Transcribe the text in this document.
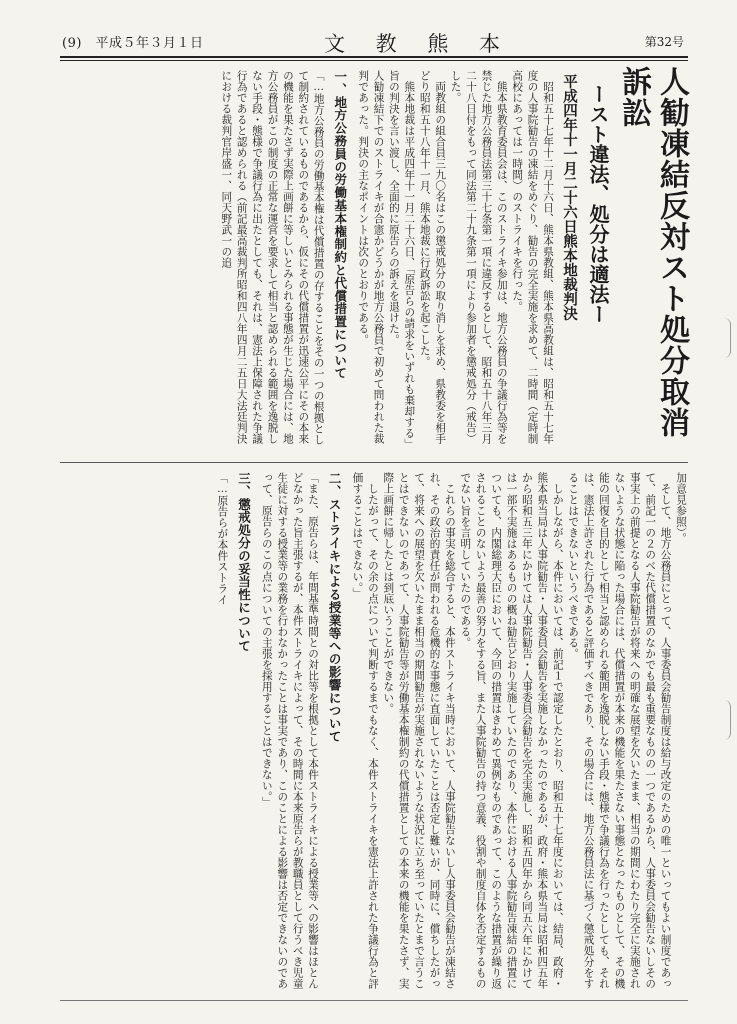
(9)　 平成５年３月１日	文 教 熊 本	第32号
人勧凍結反対スト処分取消訴訟
ースト違法、処分は適法ー
平成四年十一月二十六日熊本地裁判決

昭和五十七年十二月十六日、熊本県教組、熊本県高教組は、昭和五十七年度の人事院勧告の凍結をめぐり、勧告の完全実施を求めて、二時間（定時制高校にあっては一時間）のストライキを行った。

熊本県教育委員会は、このストライキ参加は、地方公務員の争議行為等を禁じた地方公務員法第三十七条第一項に違反するとして、昭和五十八年三月二十八日付をもって同法第二十九条第一項により参加者を懲戒処分（戒告）した。

両教組の組合員三九〇名はこの懲戒処分の取り消しを求め、県教委を相手どり昭和五十八年十一月、熊本地裁に行政訴訟を起こした。

熊本地裁は平成四年十一月二十六日、「原告らの請求をいずれも棄却する」旨の判決を言い渡し、全面的に原告らの訴えを退けた。

人勧凍結下でのストライキが合憲かどうかが地方公務員で初めて問われた裁判であった。判決の主なポイントは次のとおりである。

一、地方公務員の労働基本権制約と代償措置について

「…地方公務員の労働基本権は代償措置の存することをその一つの根拠として制約されているものであるから、仮にその代償措置が迅速公平にその本来の機能を果たさず実際上画餅に等しいとみられる事態が生じた場合には、地方公務員がこの制度の正常な運営を要求して相当と認められる範囲を逸脱しない手段・態様で争議行為に出たとしても、それは、憲法上保障された争議行為であると認められる（前記最高裁判所昭和四八年四月二五日大法廷判決における裁判官岸盛一、同天野武一の追

加意見参照）。

そして、地方公務員にとって、人事委員会勧告制度は給与改定のための唯一といってもよい制度であって、前記一の２のべた代償措置のなかでも最も重要なものの一つであるから、人事委員会勧告ないしその事実上の前提となる人事院勧告が将来への明確な展望を欠いたまま、相当の期間にわたり完全に実施されないような状態に陥った場合には、代償措置が本来の機能を果たさない事態となったものとして、その機能の回復を目的として相当と認められる範囲を逸脱しない手段・態様で争議行為を行ったとしても、それは、憲法上許された行為であると評価すべきであり、その場合には、地方公務員法に基づく懲戒処分をすることはできないというべきである。

しかしながら、本件においては、前記１で認定したとおり、昭和五十七年度においては、結局、政府・熊本県当局は人事院勧告・人事委員会勧告を実施しなかったのであるが、政府・熊本県当局は昭和四五年から昭和五三年にかけては人事院勧告・人事委員会勧告を完全実施し、昭和五四年から同五六年にかけては一部不実施はあるものの概ね勧告どおり実施していたのであり、本件における人事院勧告凍結の措置についても、内閣総理大臣において、今回の措置はきわめて異例なものであって、このような措置が繰り返されることのないよう最善の努力をする旨、また人事院勧告の持つ意義、役割や制度自体を否定するものでない旨を言明していたのである。

これらの事実を総合すると、本件ストライキ当時において、人事院勧告ないし人事委員会勧告が凍結され、その政治的責任が問われる危機的な事態に直面していたことは否定し難いが、同時に、償ちしたがって、将来への展望を欠いたまま相当の期間勧告が実施されないような状況に立ち至っていたとまで言うことはできないのであって、人事院勧告等が労働基本権制約の代償措置としての本来の機能を果たさず、実際上画餅に帰したとは到底いうことができない。

したがって、その余の点について判断するまでもなく、本件ストライキを憲法上許された争議行為と評価することはできない。」

二、ストライキによる授業等への影響について

「また、原告らは、年間基準時間との対比等を根拠として本件ストライキによる授業等への影響はほとんどなかった旨主張するが、本件ストライキによって、その時間に本来原告らが教職員として行うべき児童生徒に対する授業等の業務を行わなかったことは事実であり、このことによる影響は否定できないのであって、原告らのこの点についての主張を採用することはできない。」

三、懲戒処分の妥当性について

「…原告らが本件ストライ
